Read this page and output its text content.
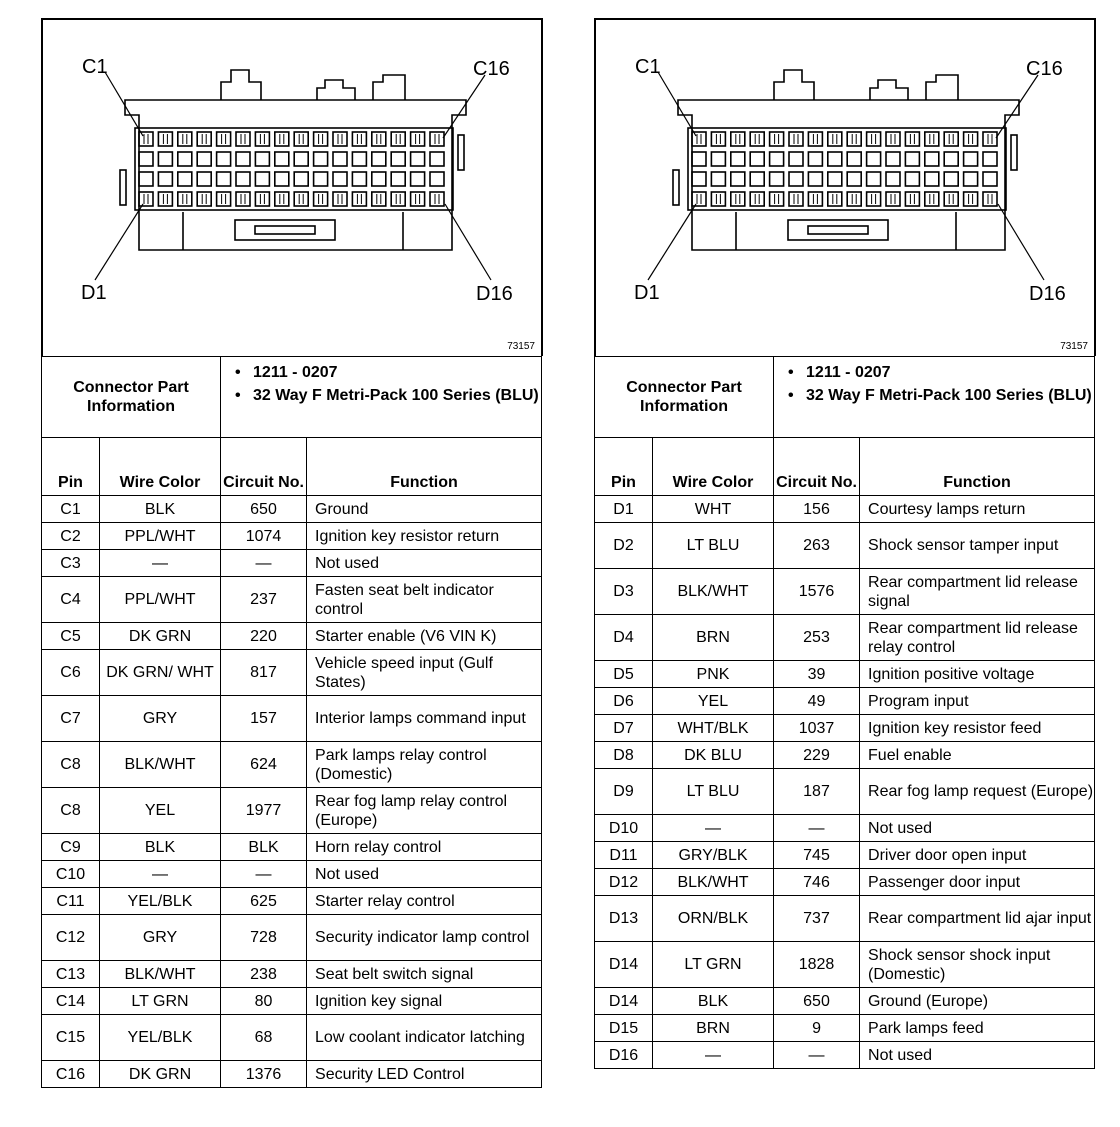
C1	C16
D1	D16
73157
Connector Part Information		• 1211 - 0207
• 32 Way F Metri-Pack 100 Series (BLU)

Pin	Wire Color	Circuit No.	Function
C1	BLK	650	Ground
C2	PPL/WHT	1074	Ignition key resistor return
C3	—	—	Not used
C4	PPL/WHT	237	Fasten seat belt indicator control
C5	DK GRN	220	Starter enable (V6 VIN K)
C6	DK GRN/ WHT	817	Vehicle speed input (Gulf States)
C7	GRY	157	Interior lamps command input
C8	BLK/WHT	624	Park lamps relay control (Domestic)
C8	YEL	1977	Rear fog lamp relay control (Europe)
C9	BLK	BLK	Horn relay control
C10	—	—	Not used
C11	YEL/BLK	625	Starter relay control
C12	GRY	728	Security indicator lamp control
C13	BLK/WHT	238	Seat belt switch signal
C14	LT GRN	80	Ignition key signal
C15	YEL/BLK	68	Low coolant indicator latching
C16	DK GRN	1376	Security LED Control
C1	C16
D1	D16
73157
Connector Part Information		• 1211 - 0207
• 32 Way F Metri-Pack 100 Series (BLU)

Pin	Wire Color	Circuit No.	Function
D1	WHT	156	Courtesy lamps return
D2	LT BLU	263	Shock sensor tamper input
D3	BLK/WHT	1576	Rear compartment lid release signal
D4	BRN	253	Rear compartment lid release relay control
D5	PNK	39	Ignition positive voltage
D6	YEL	49	Program input
D7	WHT/BLK	1037	Ignition key resistor feed
D8	DK BLU	229	Fuel enable
D9	LT BLU	187	Rear fog lamp request (Europe)
D10	—	—	Not used
D11	GRY/BLK	745	Driver door open input
D12	BLK/WHT	746	Passenger door input
D13	ORN/BLK	737	Rear compartment lid ajar input
D14	LT GRN	1828	Shock sensor shock input (Domestic)
D14	BLK	650	Ground (Europe)
D15	BRN	9	Park lamps feed
D16	—	—	Not used
